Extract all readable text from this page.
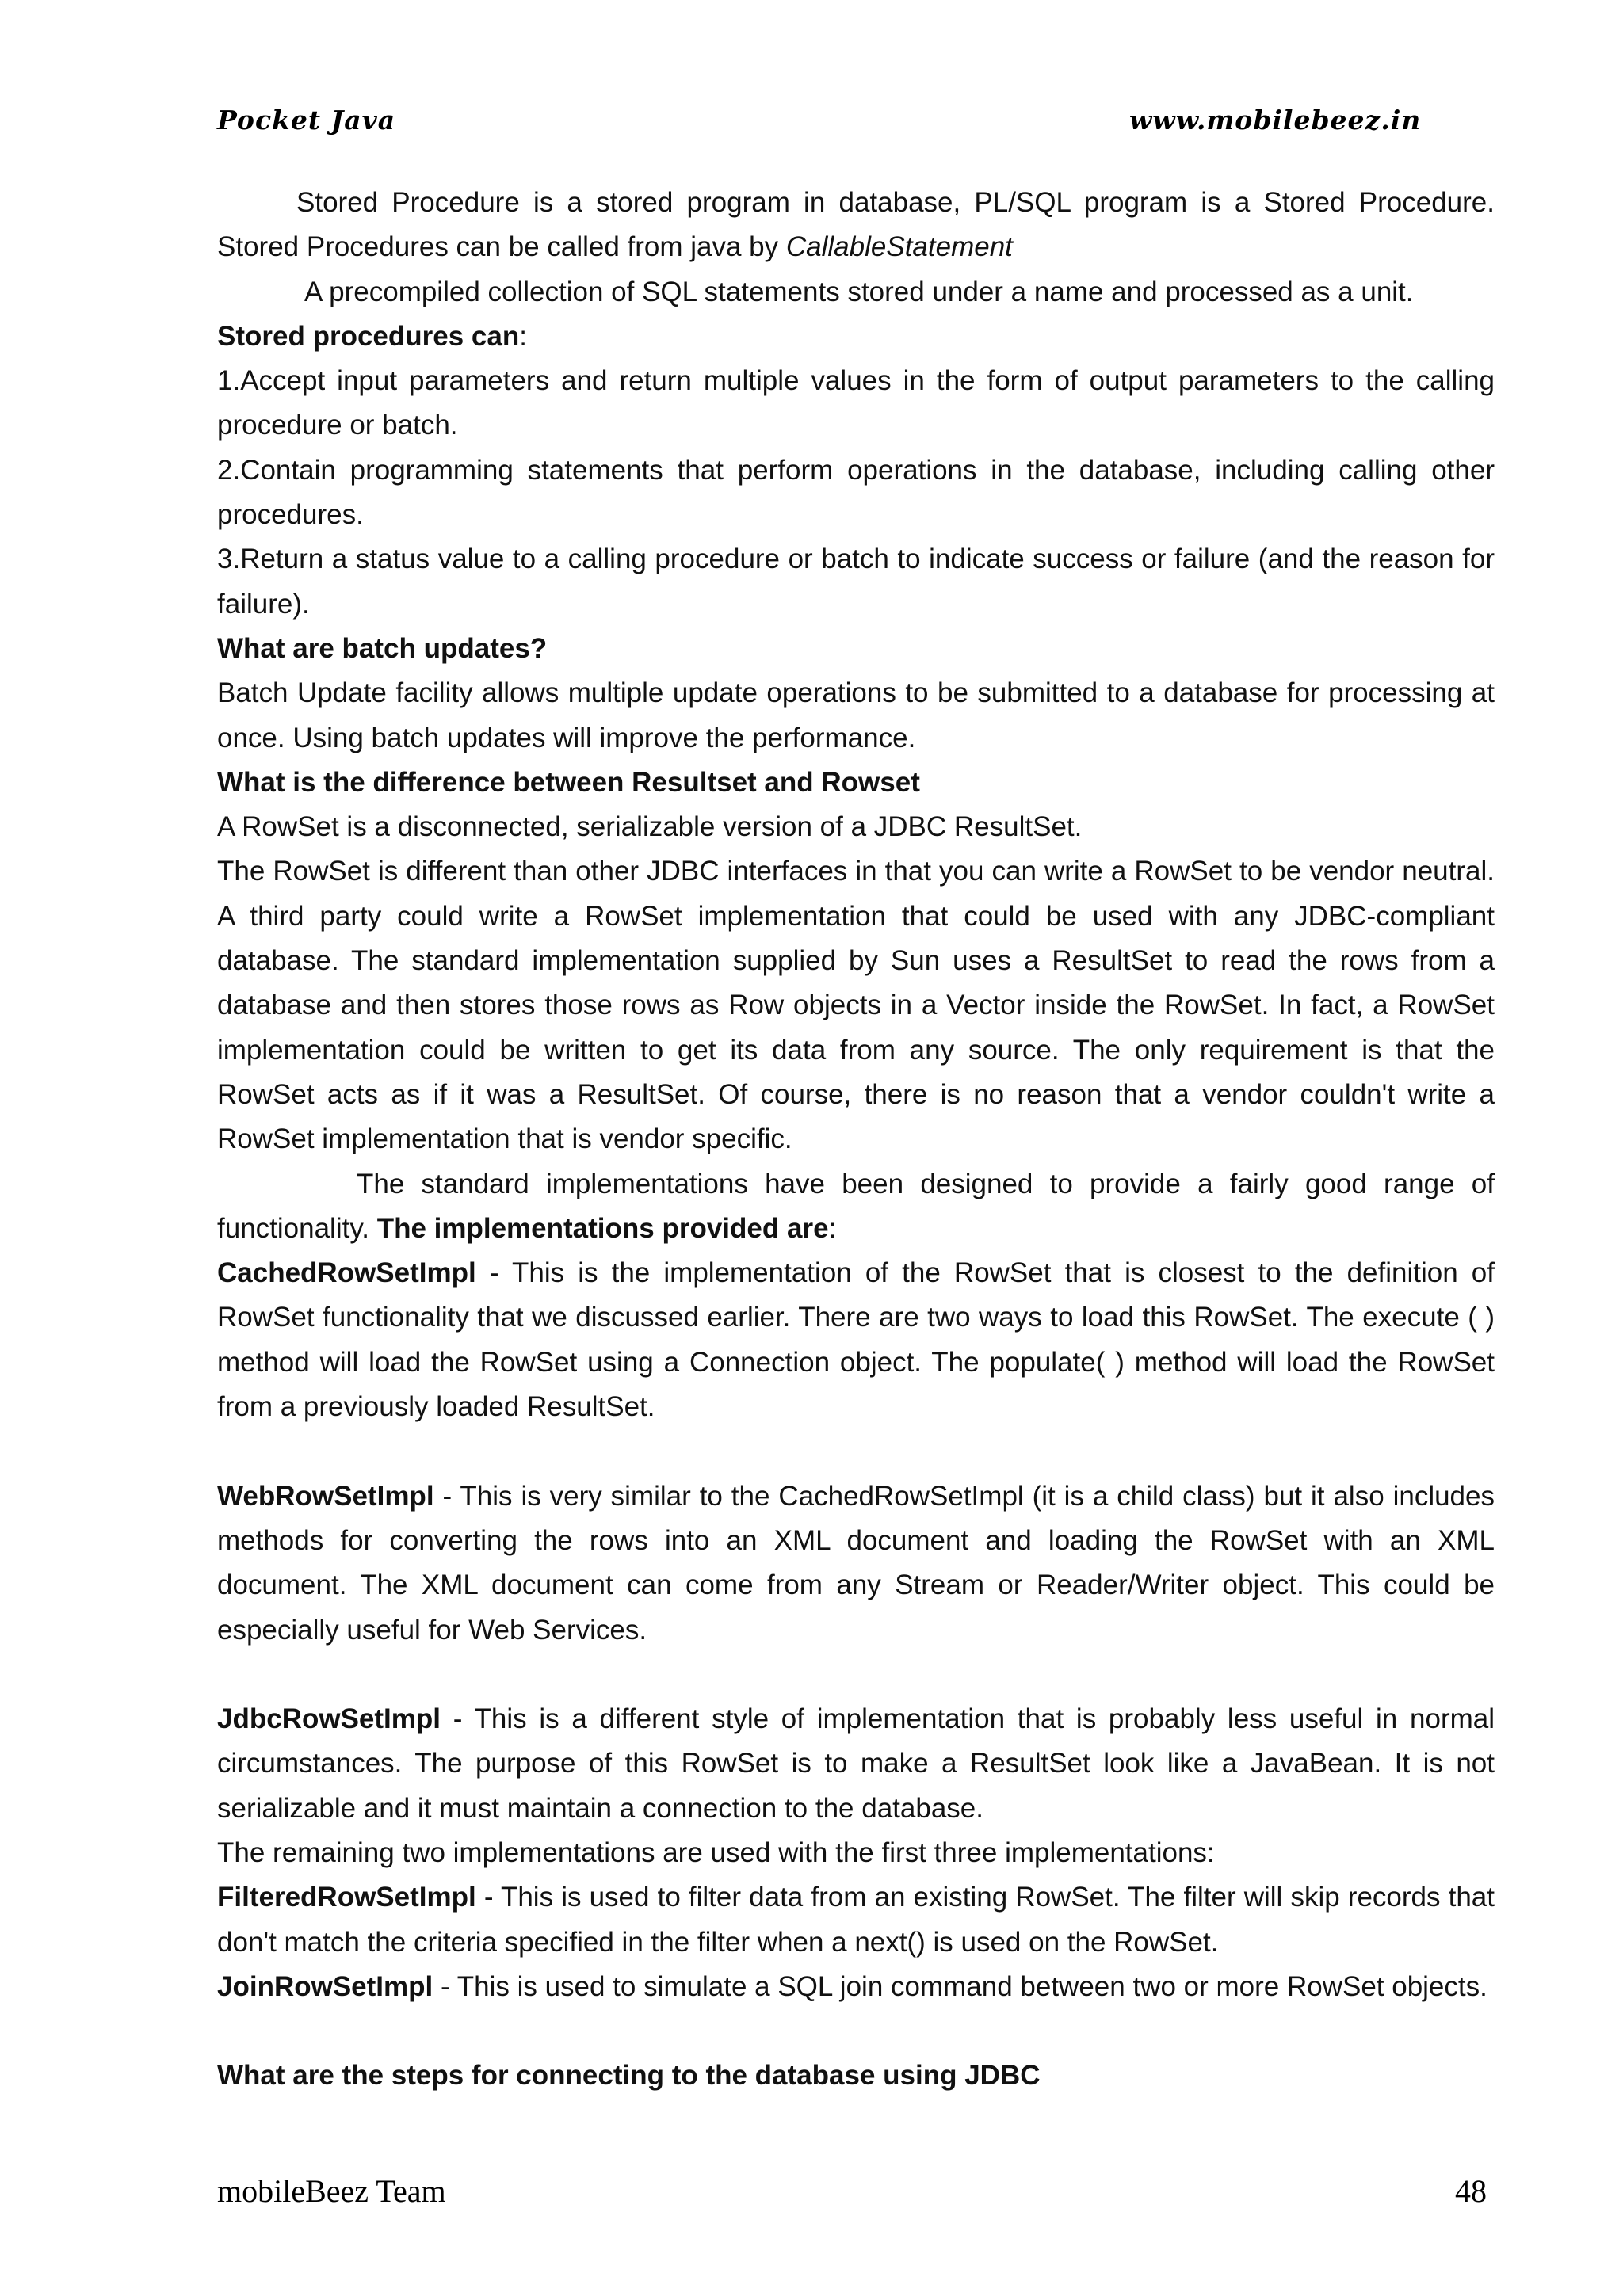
Pocket Java	www.mobilebeez.in

Stored Procedure is a stored program in database, PL/SQL program is a Stored Procedure. Stored Procedures can be called from java by CallableStatement

A precompiled collection of SQL statements stored under a name and processed as a unit.

Stored procedures can:

1.Accept input parameters and return multiple values in the form of output parameters to the calling procedure or batch.

2.Contain programming statements that perform operations in the database, including calling other procedures.

3.Return a status value to a calling procedure or batch to indicate success or failure (and the reason for failure).

What are batch updates?

Batch Update facility allows multiple update operations to be submitted to a database for processing at once. Using batch updates will improve the performance.

What is the difference between Resultset and Rowset

A RowSet is a disconnected, serializable version of a JDBC ResultSet.

The RowSet is different than other JDBC interfaces in that you can write a RowSet to be vendor neutral. A third party could write a RowSet implementation that could be used with any JDBC-compliant database. The standard implementation supplied by Sun uses a ResultSet to read the rows from a database and then stores those rows as Row objects in a Vector inside the RowSet. In fact, a RowSet implementation could be written to get its data from any source. The only requirement is that the RowSet acts as if it was a ResultSet. Of course, there is no reason that a vendor couldn't write a RowSet implementation that is vendor specific.

The standard implementations have been designed to provide a fairly good range of functionality. The implementations provided are:

CachedRowSetImpl - This is the implementation of the RowSet that is closest to the definition of RowSet functionality that we discussed earlier. There are two ways to load this RowSet. The execute ( ) method will load the RowSet using a Connection object. The populate( ) method will load the RowSet from a previously loaded ResultSet.

WebRowSetImpl - This is very similar to the CachedRowSetImpl (it is a child class) but it also includes methods for converting the rows into an XML document and loading the RowSet with an XML document. The XML document can come from any Stream or Reader/Writer object. This could be especially useful for Web Services.

JdbcRowSetImpl - This is a different style of implementation that is probably less useful in normal circumstances. The purpose of this RowSet is to make a ResultSet look like a JavaBean. It is not serializable and it must maintain a connection to the database.

The remaining two implementations are used with the first three implementations:

FilteredRowSetImpl - This is used to filter data from an existing RowSet. The filter will skip records that don't match the criteria specified in the filter when a next() is used on the RowSet.

JoinRowSetImpl - This is used to simulate a SQL join command between two or more RowSet objects.

What are the steps for connecting to the database using JDBC

mobileBeez Team	48
